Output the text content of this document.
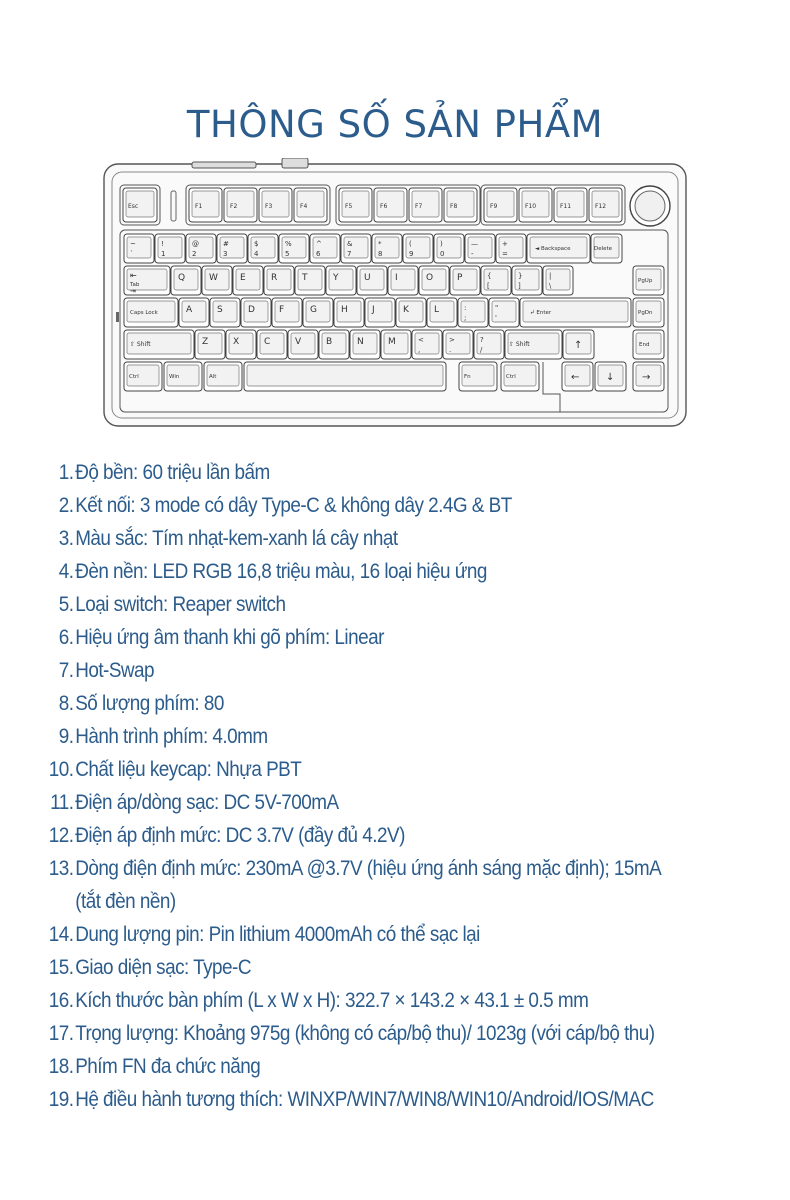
THÔNG SỐ SẢN PHẨM
Esc	F1	F2	F3	F4	F5	F6	F7	F8	F9	F10	F11	F12
~
`
!
1
@
2
#
3
$
4
%
5
^
6
&
7
*
8
(
9
)
0
—
-
+
=
◄ Backspace	Delete
⇤
Tab
⇥
Q	W E	R	T	Y	U	I	O	P	{
[
}
]
|
\
PgUp
Caps Lock	A	S	D	F	G	H	J	K	L	:
;
"
'
↲ Enter	PgDn
⇧ Shift	Z	X	C	V	B	N	M	<
,
>
.
?
/
⇧ Shift	↑	End
Ctrl	Win	Alt	Fn	Ctrl	←	↓	→
1. Độ bền: 60 triệu lần bấm
2. Kết nối: 3 mode có dây Type-C & không dây 2.4G & BT
3. Màu sắc: Tím nhạt-kem-xanh lá cây nhạt
4. Đèn nền: LED RGB 16,8 triệu màu, 16 loại hiệu ứng
5. Loại switch: Reaper switch
6. Hiệu ứng âm thanh khi gõ phím: Linear
7. Hot-Swap
8. Số lượng phím: 80
9. Hành trình phím: 4.0mm
10. Chất liệu keycap: Nhựa PBT
11. Điện áp/dòng sạc: DC 5V-700mA
12. Điện áp định mức: DC 3.7V (đầy đủ 4.2V)
13. Dòng điện định mức: 230mA @3.7V (hiệu ứng ánh sáng mặc định); 15mA (tắt đèn nền)
14. Dung lượng pin: Pin lithium 4000mAh có thể sạc lại
15. Giao diện sạc: Type-C
16. Kích thước bàn phím (L x W x H): 322.7 × 143.2 × 43.1 ± 0.5 mm
17. Trọng lượng: Khoảng 975g (không có cáp/bộ thu)/ 1023g (với cáp/bộ thu)
18. Phím FN đa chức năng
19. Hệ điều hành tương thích: WINXP/WIN7/WIN8/WIN10/Android/IOS/MAC
